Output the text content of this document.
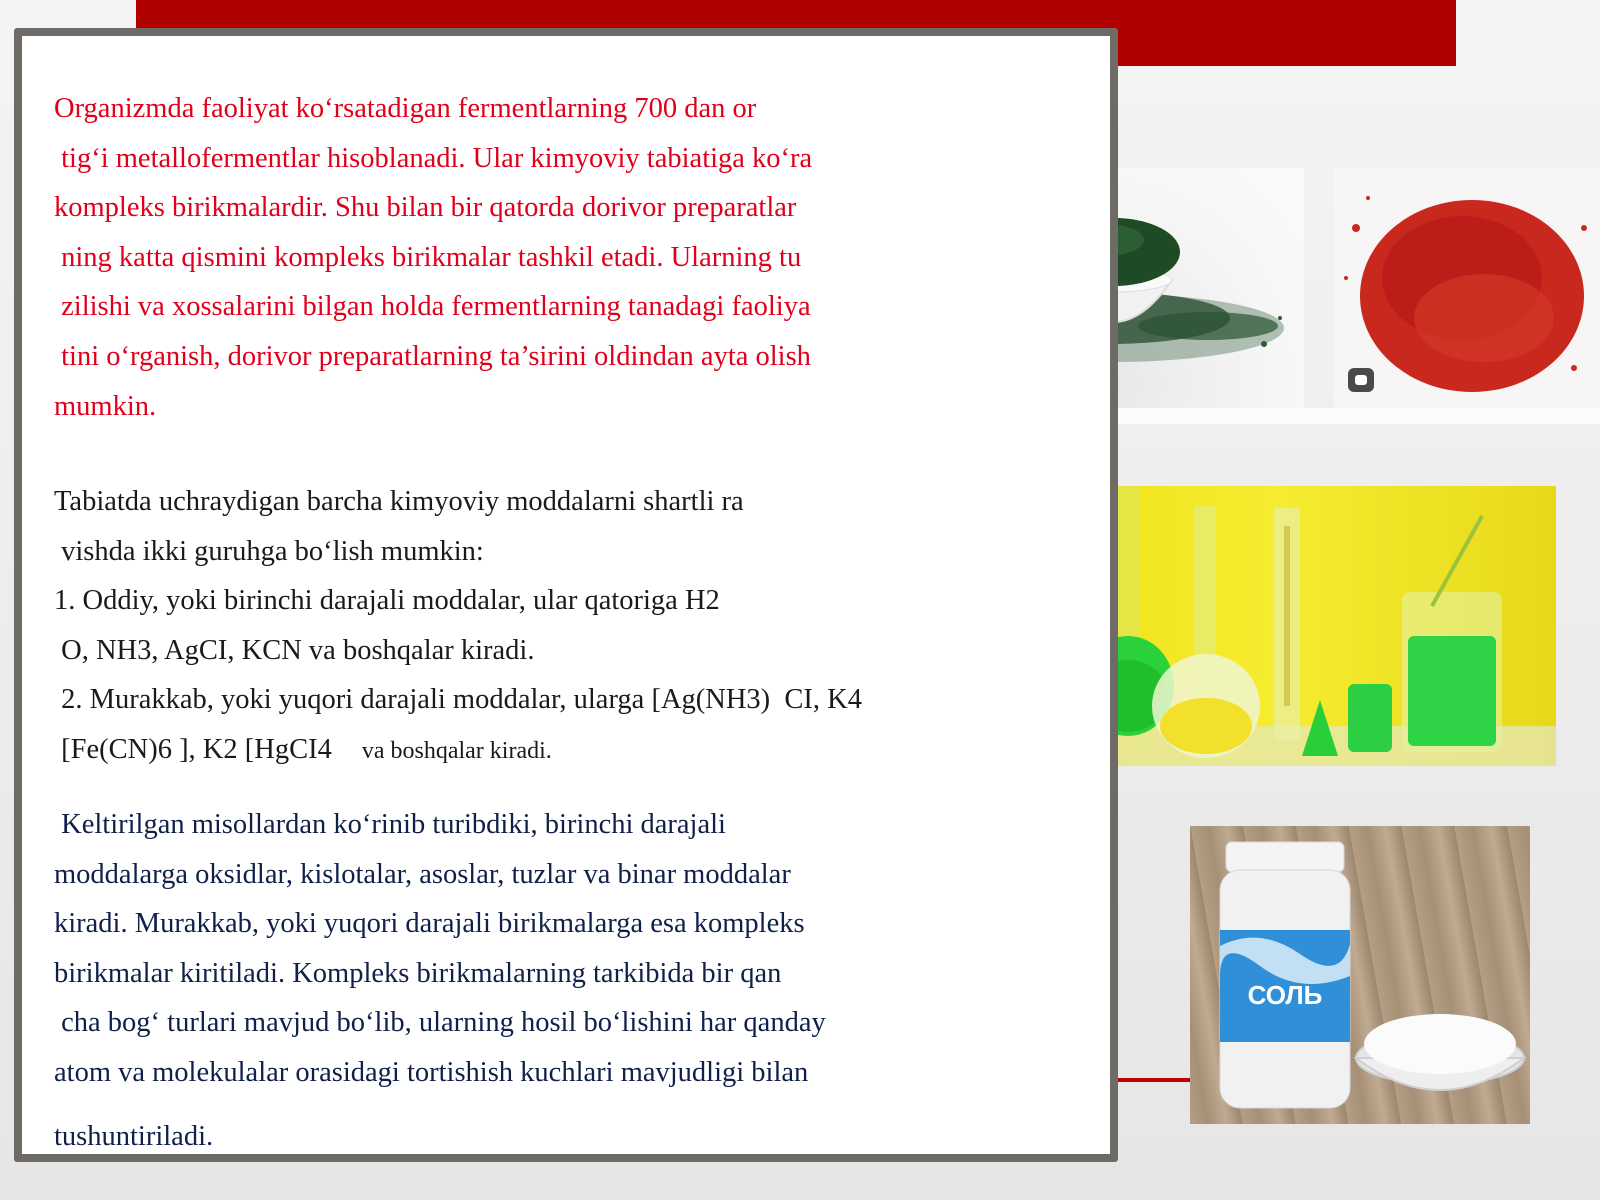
СОЛЬ

Organizmda faoliyat ko‘rsatadigan fermentlarning 700 dan or
tig‘i metallofermentlar hisoblanadi. Ular kimyoviy tabiatiga ko‘ra
kompleks birikmalardir. Shu bilan bir qatorda dorivor preparatlar
ning katta qismini kompleks birikmalar tashkil etadi. Ularning tu
zilishi va xossalarini bilgan holda fermentlarning tanadagi faoliya
tini o‘rganish, dorivor preparatlarning ta’sirini oldindan ayta olish
mumkin.

Tabiatda uchraydigan barcha kimyoviy moddalarni shartli ra
vishda ikki guruhga bo‘lish mumkin:
1. Oddiy, yoki birinchi darajali moddalar, ular qatoriga H2
O, NH3, AgCI, KCN va boshqalar kiradi.
2. Murakkab, yoki yuqori darajali moddalar, ularga [Ag(NH3)  CI, K4
[Fe(CN)6 ], K2 [HgCI4     va boshqalar kiradi.

Keltirilgan misollardan ko‘rinib turibdiki, birinchi darajali
moddalarga oksidlar, kislotalar, asoslar, tuzlar va binar moddalar
kiradi. Murakkab, yoki yuqori darajali birikmalarga esa kompleks
birikmalar kiritiladi. Kompleks birikmalarning tarkibida bir qan
cha bog‘ turlari mavjud bo‘lib, ularning hosil bo‘lishini har qanday
atom va molekulalar orasidagi tortishish kuchlari mavjudligi bilan
tushuntiriladi.
